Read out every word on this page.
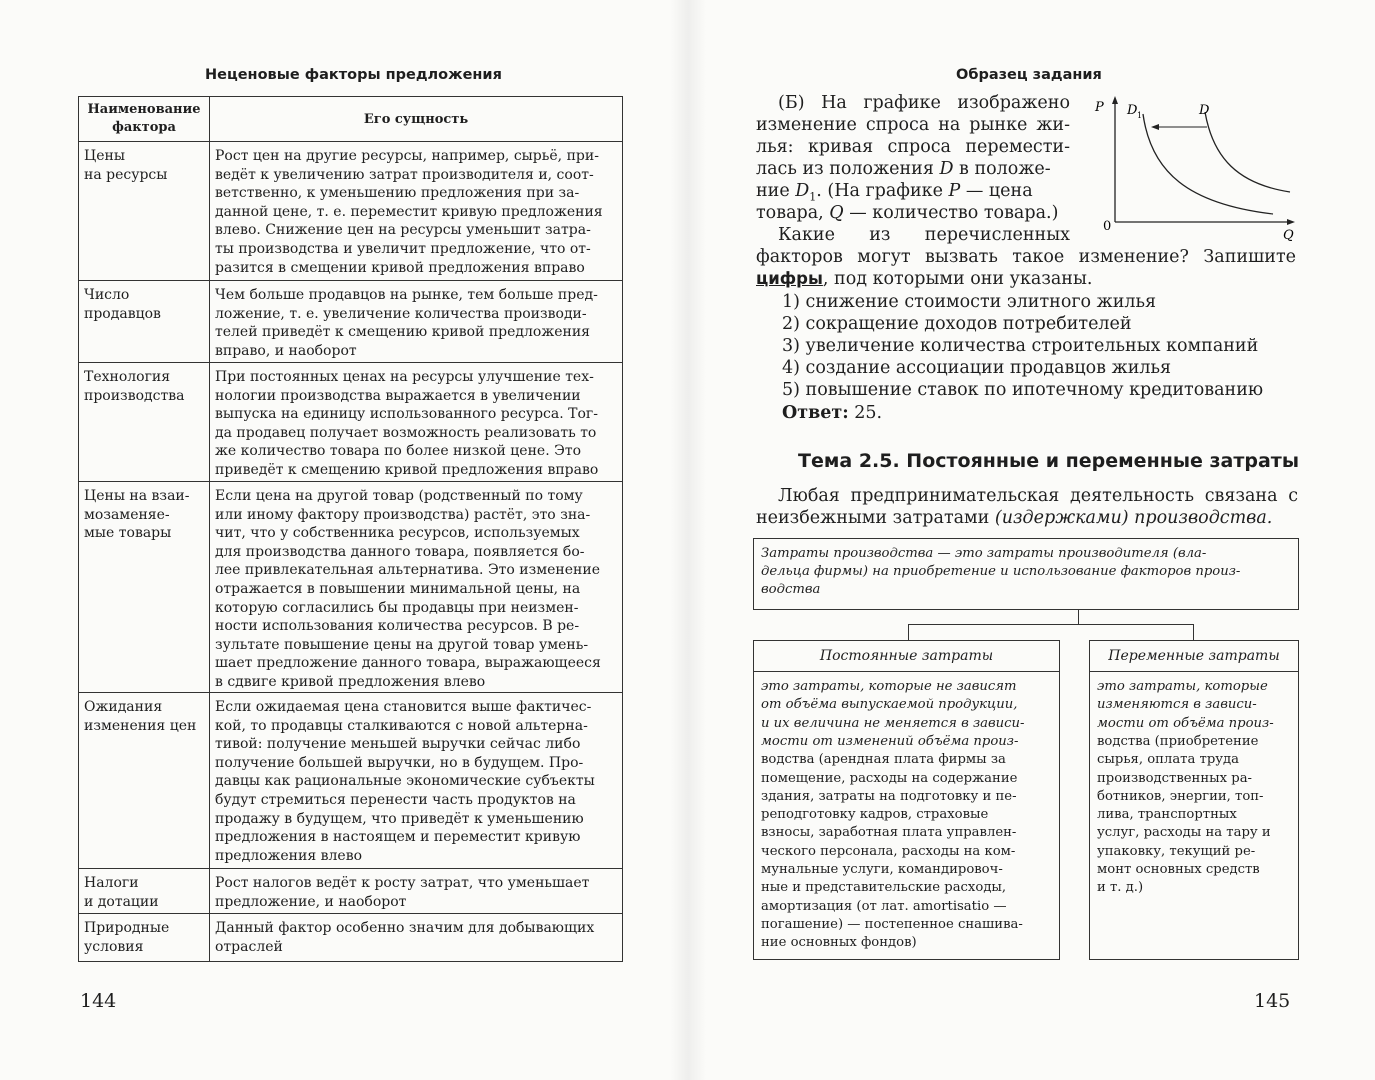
Неценовые факторы предложения
Наименование
фактора	Его сущность
Цены
на ресурсы
Рост цен на другие ресурсы, например, сырьё, при-
ведёт к увеличению затрат производителя и, соот-
ветственно, к уменьшению предложения при за-
данной цене, т. е. переместит кривую предложения
влево. Снижение цен на ресурсы уменьшит затра-
ты производства и увеличит предложение, что от-
разится в смещении кривой предложения вправо
Число
продавцов
Чем больше продавцов на рынке, тем больше пред-
ложение, т. е. увеличение количества производи-
телей приведёт к смещению кривой предложения
вправо, и наоборот
Технология
производства
При постоянных ценах на ресурсы улучшение тех-
нологии производства выражается в увеличении
выпуска на единицу использованного ресурса. Тог-
да продавец получает возможность реализовать то
же количество товара по более низкой цене. Это
приведёт к смещению кривой предложения вправо
Цены на взаи-
мозаменяе-
мые товары
Если цена на другой товар (родственный по тому
или иному фактору производства) растёт, это зна-
чит, что у собственника ресурсов, используемых
для производства данного товара, появляется бо-
лее привлекательная альтернатива. Это изменение
отражается в повышении минимальной цены, на
которую согласились бы продавцы при неизмен-
ности использования количества ресурсов. В ре-
зультате повышение цены на другой товар умень-
шает предложение данного товара, выражающееся
в сдвиге кривой предложения влево
Ожидания
изменения цен
Если ожидаемая цена становится выше фактичес-
кой, то продавцы сталкиваются с новой альтерна-
тивой: получение меньшей выручки сейчас либо
получение большей выручки, но в будущем. Про-
давцы как рациональные экономические субъекты
будут стремиться перенести часть продуктов на
продажу в будущем, что приведёт к уменьшению
предложения в настоящем и переместит кривую
предложения влево
Налоги
и дотации
Рост налогов ведёт к росту затрат, что уменьшает
предложение, и наоборот
Природные
условия
Данный фактор особенно значим для добывающих
отраслей
144
Образец задания
(Б) На графике изображено
изменение спроса на рынке жи-
лья: кривая спроса перемести-
лась из положения D в положе-
ние $D_1$. (На графике P — цена
товара, Q — количество товара.)
Какие из перечисленных
факторов могут вызвать такое изменение? Запишите
цифры, под которыми они указаны.
P
0
Q
D 1	D
1) снижение стоимости элитного жилья
2) сокращение доходов потребителей
3) увеличение количества строительных компаний
4) создание ассоциации продавцов жилья
5) повышение ставок по ипотечному кредитованию
Ответ: 25.
Тема 2.5. Постоянные и переменные затраты
Любая предпринимательская деятельность связана с
неизбежными затратами (издержками) производства.
Затраты производства — это затраты производителя (вла-
дельца фирмы) на приобретение и использование факторов произ-
водства
Постоянные затраты
это затраты, которые не зависят
от объёма выпускаемой продукции,
и их величина не меняется в зависи-
мости от изменений объёма произ-
водства (арендная плата фирмы за
помещение, расходы на содержание
здания, затраты на подготовку и пе-
реподготовку кадров, страховые
взносы, заработная плата управлен-
ческого персонала, расходы на ком-
мунальные услуги, командировоч-
ные и представительские расходы,
амортизация (от лат. amortisatio —
погашение) — постепенное снашива-
ние основных фондов)
Переменные затраты
это затраты, которые
изменяются в зависи-
мости от объёма произ-
водства (приобретение
сырья, оплата труда
производственных ра-
ботников, энергии, топ-
лива, транспортных
услуг, расходы на тару и
упаковку, текущий ре-
монт основных средств
и т. д.)
145
